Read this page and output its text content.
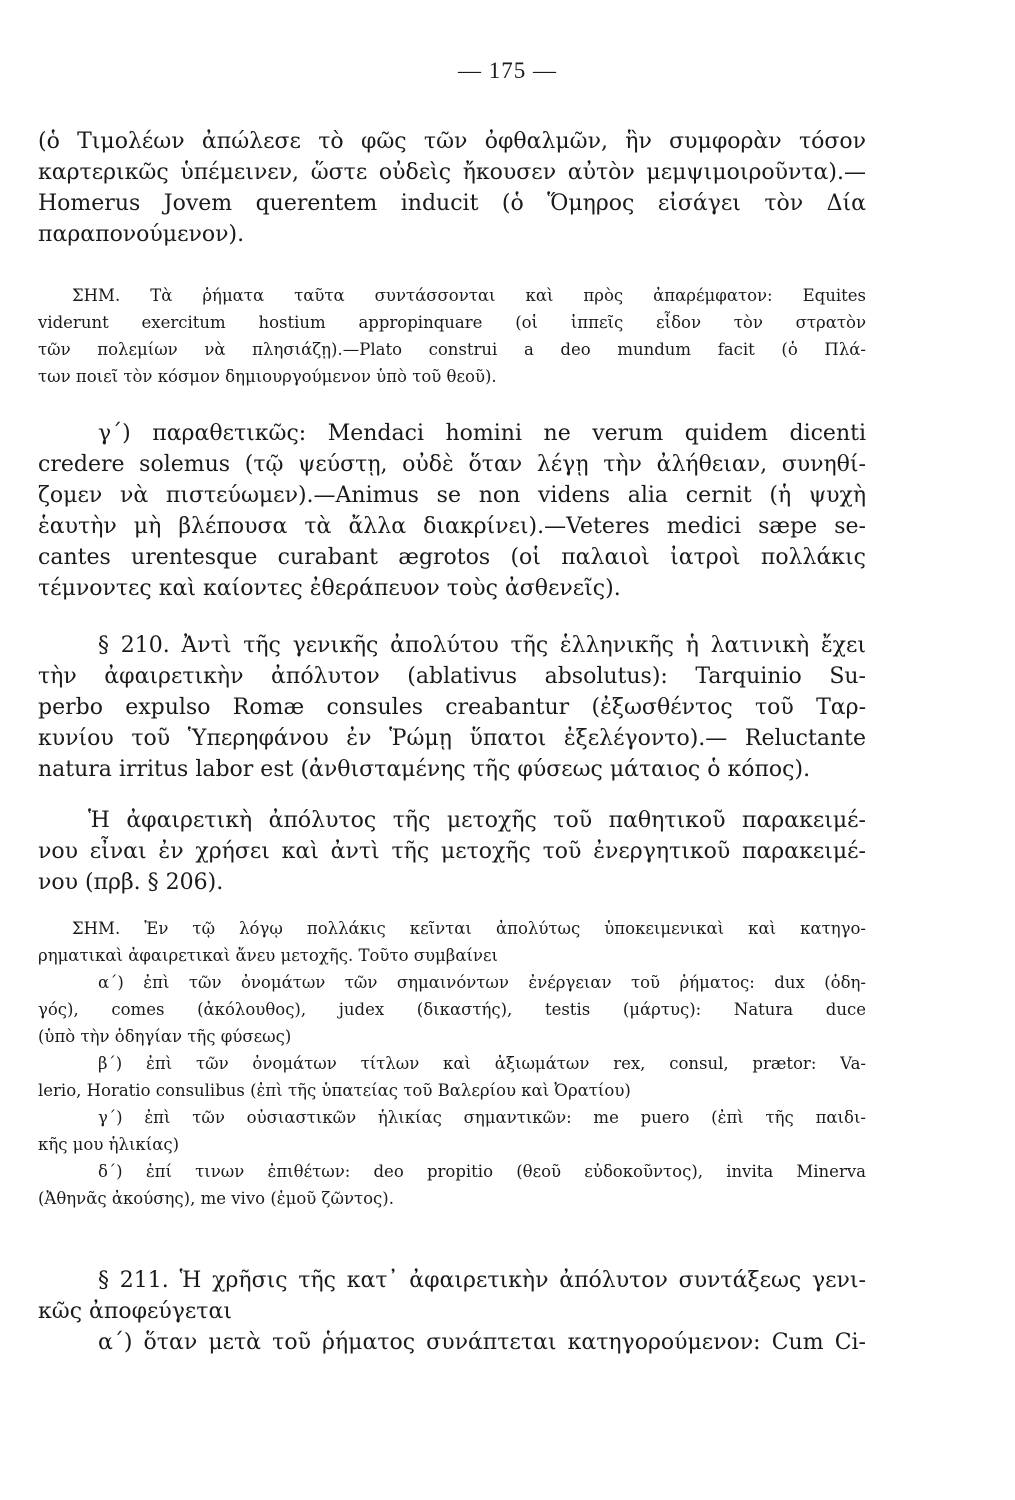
— 175 —
(ὁ Τιμολέων ἀπώλεσε τὸ φῶς τῶν ὀφθαλμῶν, ἣν συμφορὰν τόσον
καρτερικῶς ὑπέμεινεν, ὥστε οὐδεὶς ἤκουσεν αὐτὸν μεμψιμοιροῦντα).—
Homerus Jovem querentem inducit (ὁ Ὅμηρος εἰσάγει τὸν Δία
παραπονούμενον).
ΣΗΜ. Τὰ ῥήματα ταῦτα συντάσσονται καὶ πρὸς ἀπαρέμφατον: Equites
viderunt exercitum hostium appropinquare (οἱ ἱππεῖς εἶδον τὸν στρατὸν
τῶν πολεμίων νὰ πλησιάζῃ).—Plato construi a deo mundum facit (ὁ Πλά-
των ποιεῖ τὸν κόσμον δημιουργούμενον ὑπὸ τοῦ θεοῦ).
γ΄) παραθετικῶς: Mendaci homini ne verum quidem dicenti
credere solemus (τῷ ψεύστῃ, οὐδὲ ὅταν λέγῃ τὴν ἀλήθειαν, συνηθί-
ζομεν νὰ πιστεύωμεν).—Animus se non videns alia cernit (ἡ ψυχὴ
ἑαυτὴν μὴ βλέπουσα τὰ ἄλλα διακρίνει).—Veteres medici sæpe se-
cantes urentesque curabant ægrotos (οἱ παλαιοὶ ἰατροὶ πολλάκις
τέμνοντες καὶ καίοντες ἐθεράπευον τοὺς ἀσθενεῖς).
§ 210. Ἀντὶ τῆς γενικῆς ἀπολύτου τῆς ἑλληνικῆς ἡ λατινικὴ ἔχει
τὴν ἀφαιρετικὴν ἀπόλυτον (ablativus absolutus): Tarquinio Su-
perbo expulso Romæ consules creabantur (ἐξωσθέντος τοῦ Ταρ-
κυνίου τοῦ Ὑπερηφάνου ἐν Ῥώμῃ ὕπατοι ἐξελέγοντο).— Reluctante
natura irritus labor est (ἀνθισταμένης τῆς φύσεως μάταιος ὁ κόπος).
Ἡ ἀφαιρετικὴ ἀπόλυτος τῆς μετοχῆς τοῦ παθητικοῦ παρακειμέ-
νου εἶναι ἐν χρήσει καὶ ἀντὶ τῆς μετοχῆς τοῦ ἐνεργητικοῦ παρακειμέ-
νου (πρβ. § 206).
ΣΗΜ. Ἐν τῷ λόγῳ πολλάκις κεῖνται ἀπολύτως ὑποκειμενικαὶ καὶ κατηγο-
ρηματικαὶ ἀφαιρετικαὶ ἄνευ μετοχῆς. Τοῦτο συμβαίνει
α΄) ἐπὶ τῶν ὀνομάτων τῶν σημαινόντων ἐνέργειαν τοῦ ῥήματος: dux (ὁδη-
γός), comes (ἀκόλουθος), judex (δικαστής), testis (μάρτυς): Natura duce
(ὑπὸ τὴν ὁδηγίαν τῆς φύσεως)
β΄) ἐπὶ τῶν ὀνομάτων τίτλων καὶ ἀξιωμάτων rex, consul, prætor: Va-
lerio, Horatio consulibus (ἐπὶ τῆς ὑπατείας τοῦ Βαλερίου καὶ Ὀρατίου)
γ΄) ἐπὶ τῶν οὐσιαστικῶν ἡλικίας σημαντικῶν: me puero (ἐπὶ τῆς παιδι-
κῆς μου ἡλικίας)
δ΄) ἐπί τινων ἐπιθέτων: deo propitio (θεοῦ εὐδοκοῦντος), invita Minerva
(Ἀθηνᾶς ἀκούσης), me vivo (ἐμοῦ ζῶντος).
§ 211. Ἡ χρῆσις τῆς κατ᾽ ἀφαιρετικὴν ἀπόλυτον συντάξεως γενι-
κῶς ἀποφεύγεται
α΄) ὅταν μετὰ τοῦ ῥήματος συνάπτεται κατηγορούμενον: Cum Ci-
